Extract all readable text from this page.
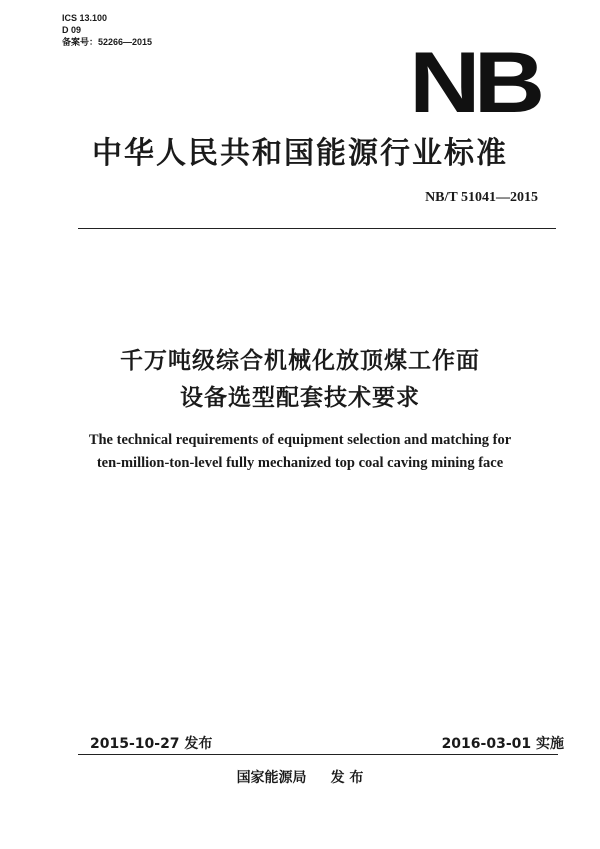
ICS 13.100
D 09
备案号：52266—2015	NB
中华人民共和国能源行业标准
NB/T 51041—2015
千万吨级综合机械化放顶煤工作面
设备选型配套技术要求
The technical requirements of equipment selection and matching for
ten-million-ton-level fully mechanized top coal caving mining face
2015-10-27 发布	2016-03-01 实施
国家能源局 发 布
